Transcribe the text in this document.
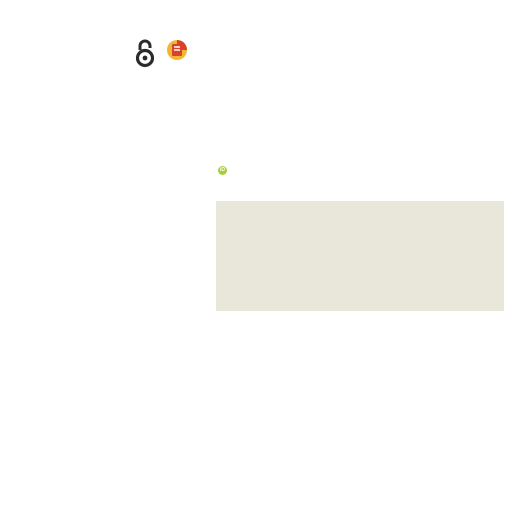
iD
